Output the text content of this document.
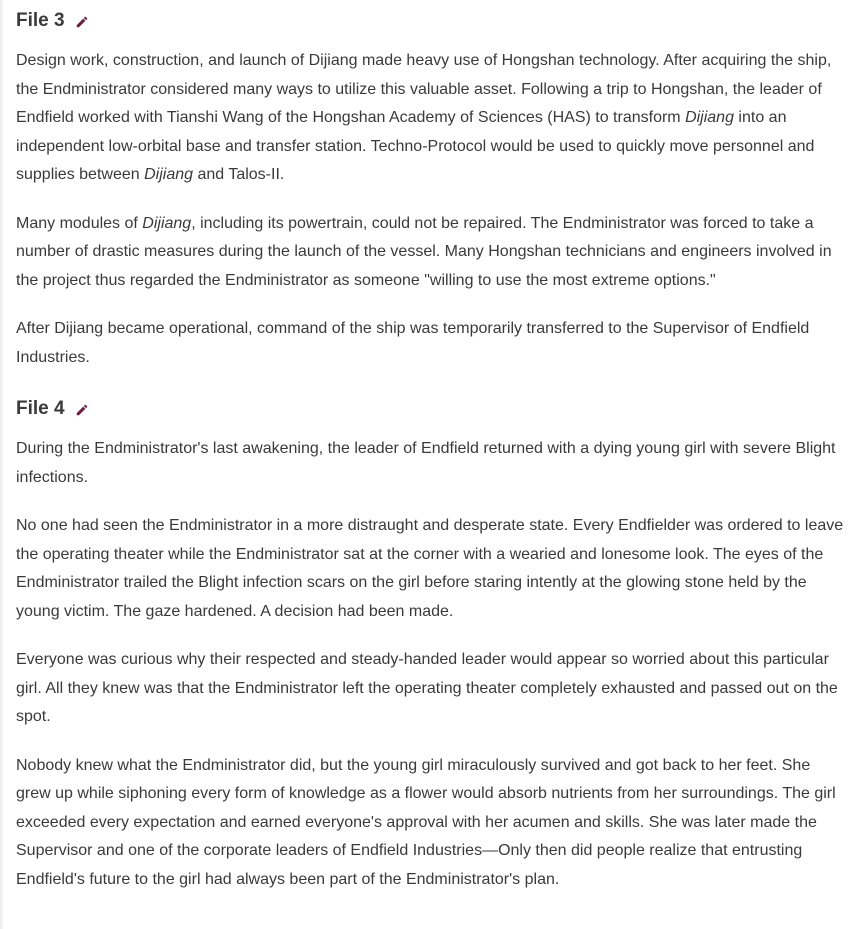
File 3

Design work, construction, and launch of Dijiang made heavy use of Hongshan technology. After acquiring the ship, the Endministrator considered many ways to utilize this valuable asset. Following a trip to Hongshan, the leader of Endfield worked with Tianshi Wang of the Hongshan Academy of Sciences (HAS) to transform Dijiang into an independent low-orbital base and transfer station. Techno-Protocol would be used to quickly move personnel and supplies between Dijiang and Talos-II.

Many modules of Dijiang, including its powertrain, could not be repaired. The Endministrator was forced to take a number of drastic measures during the launch of the vessel. Many Hongshan technicians and engineers involved in the project thus regarded the Endministrator as someone "willing to use the most extreme options."

After Dijiang became operational, command of the ship was temporarily transferred to the Supervisor of Endfield Industries.

File 4

During the Endministrator's last awakening, the leader of Endfield returned with a dying young girl with severe Blight infections.

No one had seen the Endministrator in a more distraught and desperate state. Every Endfielder was ordered to leave the operating theater while the Endministrator sat at the corner with a wearied and lonesome look. The eyes of the Endministrator trailed the Blight infection scars on the girl before staring intently at the glowing stone held by the young victim. The gaze hardened. A decision had been made.

Everyone was curious why their respected and steady-handed leader would appear so worried about this particular girl. All they knew was that the Endministrator left the operating theater completely exhausted and passed out on the spot.

Nobody knew what the Endministrator did, but the young girl miraculously survived and got back to her feet. She grew up while siphoning every form of knowledge as a flower would absorb nutrients from her surroundings. The girl exceeded every expectation and earned everyone's approval with her acumen and skills. She was later made the Supervisor and one of the corporate leaders of Endfield Industries—Only then did people realize that entrusting Endfield's future to the girl had always been part of the Endministrator's plan.
